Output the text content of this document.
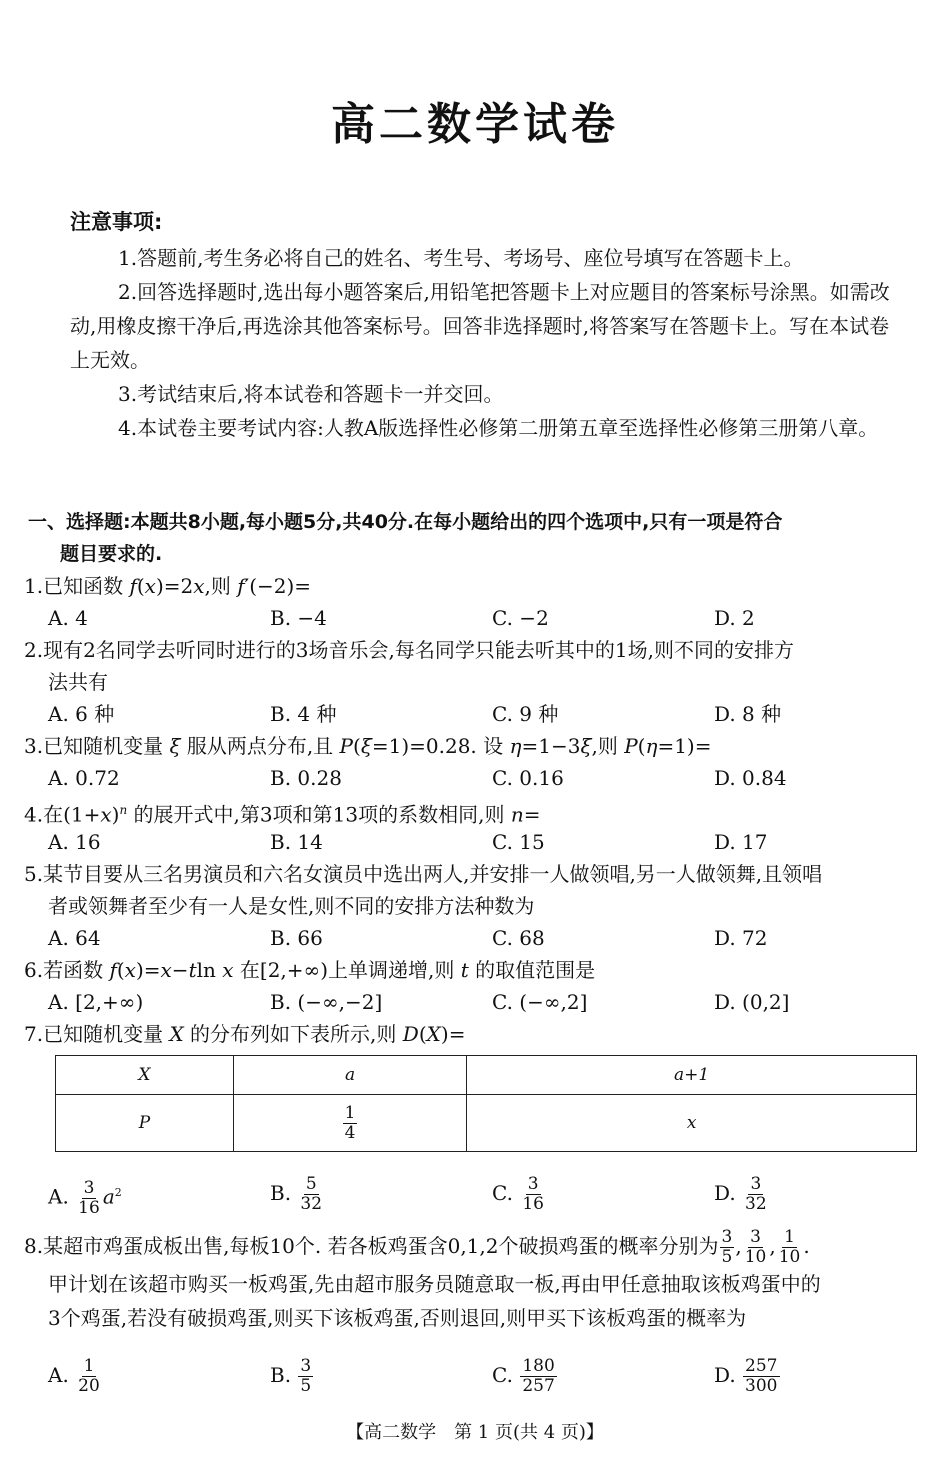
高二数学试卷
注意事项:
1.答题前,考生务必将自己的姓名、考生号、考场号、座位号填写在答题卡上。
2.回答选择题时,选出每小题答案后,用铅笔把答题卡上对应题目的答案标号涂黑。如需改动,用橡皮擦干净后,再选涂其他答案标号。回答非选择题时,将答案写在答题卡上。写在本试卷上无效。
3.考试结束后,将本试卷和答题卡一并交回。
4.本试卷主要考试内容:人教A版选择性必修第二册第五章至选择性必修第三册第八章。
一、选择题:本题共8小题,每小题5分,共40分.在每小题给出的四个选项中,只有一项是符合
题目要求的.
1.已知函数 f(x)=2x,则 f′(−2)=
A. 4	B. −4	C. −2	D. 2
2.现有2名同学去听同时进行的3场音乐会,每名同学只能去听其中的1场,则不同的安排方
法共有
A. 6 种	B. 4 种	C. 9 种	D. 8 种
3.已知随机变量 ξ 服从两点分布,且 P(ξ=1)=0.28. 设 η=1−3ξ,则 P(η=1)=
A. 0.72	B. 0.28	C. 0.16	D. 0.84
4.在$(1+x)^n$ 的展开式中,第3项和第13项的系数相同,则 n=
A. 16	B. 14	C. 15	D. 17
5.某节目要从三名男演员和六名女演员中选出两人,并安排一人做领唱,另一人做领舞,且领唱
者或领舞者至少有一人是女性,则不同的安排方法种数为
A. 64	B. 66	C. 68	D. 72
6.若函数 f(x)=x−tln x 在[2,+∞)上单调递增,则 t 的取值范围是
A. [2,+∞)	B. (−∞,−2]	C. (−∞,2]	D. (0,2]
7.已知随机变量 X 的分布列如下表所示,则 D(X)=
X	a	a+1
P	$\frac{1}{4}$	x
A. $\frac{3}{16} a^2$	B. $\frac{5}{32}$	C. $\frac{3}{16}$	D. $\frac{3}{32}$
8.某超市鸡蛋成板出售,每板10个. 若各板鸡蛋含0,1,2个破损鸡蛋的概率分别为 $\frac{3}{5}$ , $\frac{3}{10}$ , $\frac{1}{10}$ .
甲计划在该超市购买一板鸡蛋,先由超市服务员随意取一板,再由甲任意抽取该板鸡蛋中的
3个鸡蛋,若没有破损鸡蛋,则买下该板鸡蛋,否则退回,则甲买下该板鸡蛋的概率为
A. $\frac{1}{20}$	B. $\frac{3}{5}$	C. $\frac{180}{257}$	D. $\frac{257}{300}$
【高二数学　第 1 页(共 4 页)】
